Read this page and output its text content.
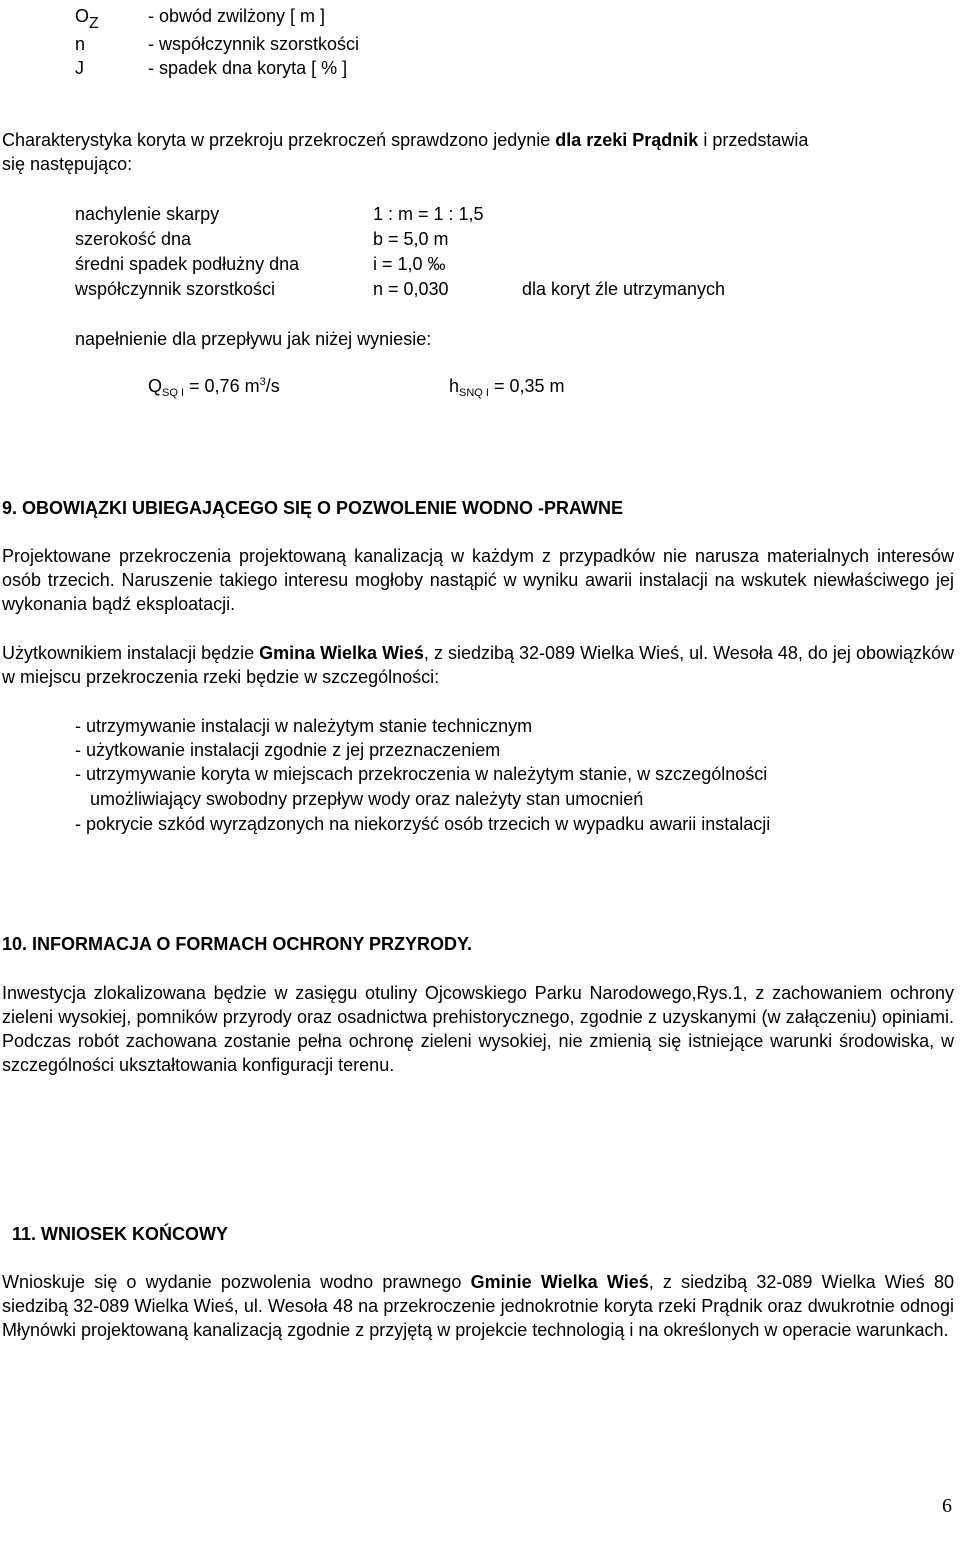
$O_Z$	- obwód zwilżony [ m ]
n	- współczynnik szorstkości
J	- spadek dna koryta [ % ]
Charakterystyka koryta w przekroju przekroczeń sprawdzono jedynie dla rzeki Prądnik i przedstawia
się następująco:
nachylenie skarpy	1 : m = 1 : 1,5
szerokość dna	b = 5,0 m
średni spadek podłużny dna	i = 1,0 ‰
współczynnik szorstkości	n = 0,030	dla koryt źle utrzymanych
napełnienie dla przepływu jak niżej wyniesie:
$Q_{SQ I} = 0,76$ $m^3/s$	$h_{SNQ I} = 0,35$ m
9. OBOWIĄZKI UBIEGAJĄCEGO SIĘ O POZWOLENIE WODNO -PRAWNE
Projektowane przekroczenia projektowaną kanalizacją w każdym z przypadków nie narusza materialnych interesów osób trzecich. Naruszenie takiego interesu mogłoby nastąpić w wyniku awarii instalacji na wskutek niewłaściwego jej wykonania bądź eksploatacji.
Użytkownikiem instalacji będzie Gmina Wielka Wieś, z siedzibą 32-089 Wielka Wieś, ul. Wesoła 48, do jej obowiązków w miejscu przekroczenia rzeki będzie w szczególności:
- utrzymywanie instalacji w należytym stanie technicznym
- użytkowanie instalacji zgodnie z jej przeznaczeniem
- utrzymywanie koryta w miejscach przekroczenia w należytym stanie, w szczególności
umożliwiający swobodny przepływ wody oraz należyty stan umocnień
- pokrycie szkód wyrządzonych na niekorzyść osób trzecich w wypadku awarii instalacji
10. INFORMACJA O FORMACH OCHRONY PRZYRODY.
Inwestycja zlokalizowana będzie w zasięgu otuliny Ojcowskiego Parku Narodowego,Rys.1, z zachowaniem ochrony zieleni wysokiej, pomników przyrody oraz osadnictwa prehistorycznego, zgodnie z uzyskanymi (w załączeniu) opiniami. Podczas robót zachowana zostanie pełna ochronę zieleni wysokiej, nie zmienią się istniejące warunki środowiska, w szczególności ukształtowania konfiguracji terenu.
11. WNIOSEK KOŃCOWY
Wnioskuje się o wydanie pozwolenia wodno prawnego Gminie Wielka Wieś, z siedzibą 32-089 Wielka Wieś 80 siedzibą 32-089 Wielka Wieś, ul. Wesoła 48 na przekroczenie jednokrotnie koryta rzeki Prądnik oraz dwukrotnie odnogi Młynówki projektowaną kanalizacją zgodnie z przyjętą w projekcie technologią i na określonych w operacie warunkach.
6
